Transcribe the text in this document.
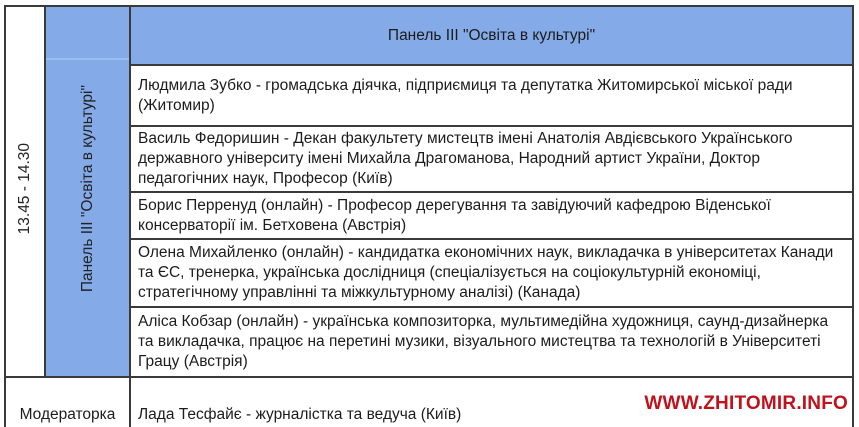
13.45 - 14.30	Панель ІІІ "Освіта в культурі"	Панель ІІІ "Освіта в культурі"
		Людмила Зубко - громадська діячка, підприємиця та депутатка Житомирської міської ради (Житомир)
		Василь Федоришин - Декан факультету мистецтв імені Анатолія Авдієвського Українського державного університу імені Михайла Драгоманова, Народний артист України, Доктор педагогічних наук, Професор (Київ)
		Борис Перренуд (онлайн) - Професор дерегування та завідуючий кафедрою Віденської консерваторії ім. Бетховена (Австрія)
		Олена Михайленко (онлайн) - кандидатка економічних наук, викладачка в університетах Канади та ЄС, тренерка, українська дослідниця (спеціалізується на соціокультурній економіці, стратегічному управлінні та міжкультурному аналізі) (Канада)
		Аліса Кобзар (онлайн) - українська композиторка, мультимедійна художниця, саунд-дизайнерка та викладачка, працює на перетині музики, візуального мистецтва та технологій в Університеті Грацу (Австрія)
Модераторка		Лада Тесфайє - журналістка та ведуча (Київ)
WWW.ZHITOMIR.INFO
